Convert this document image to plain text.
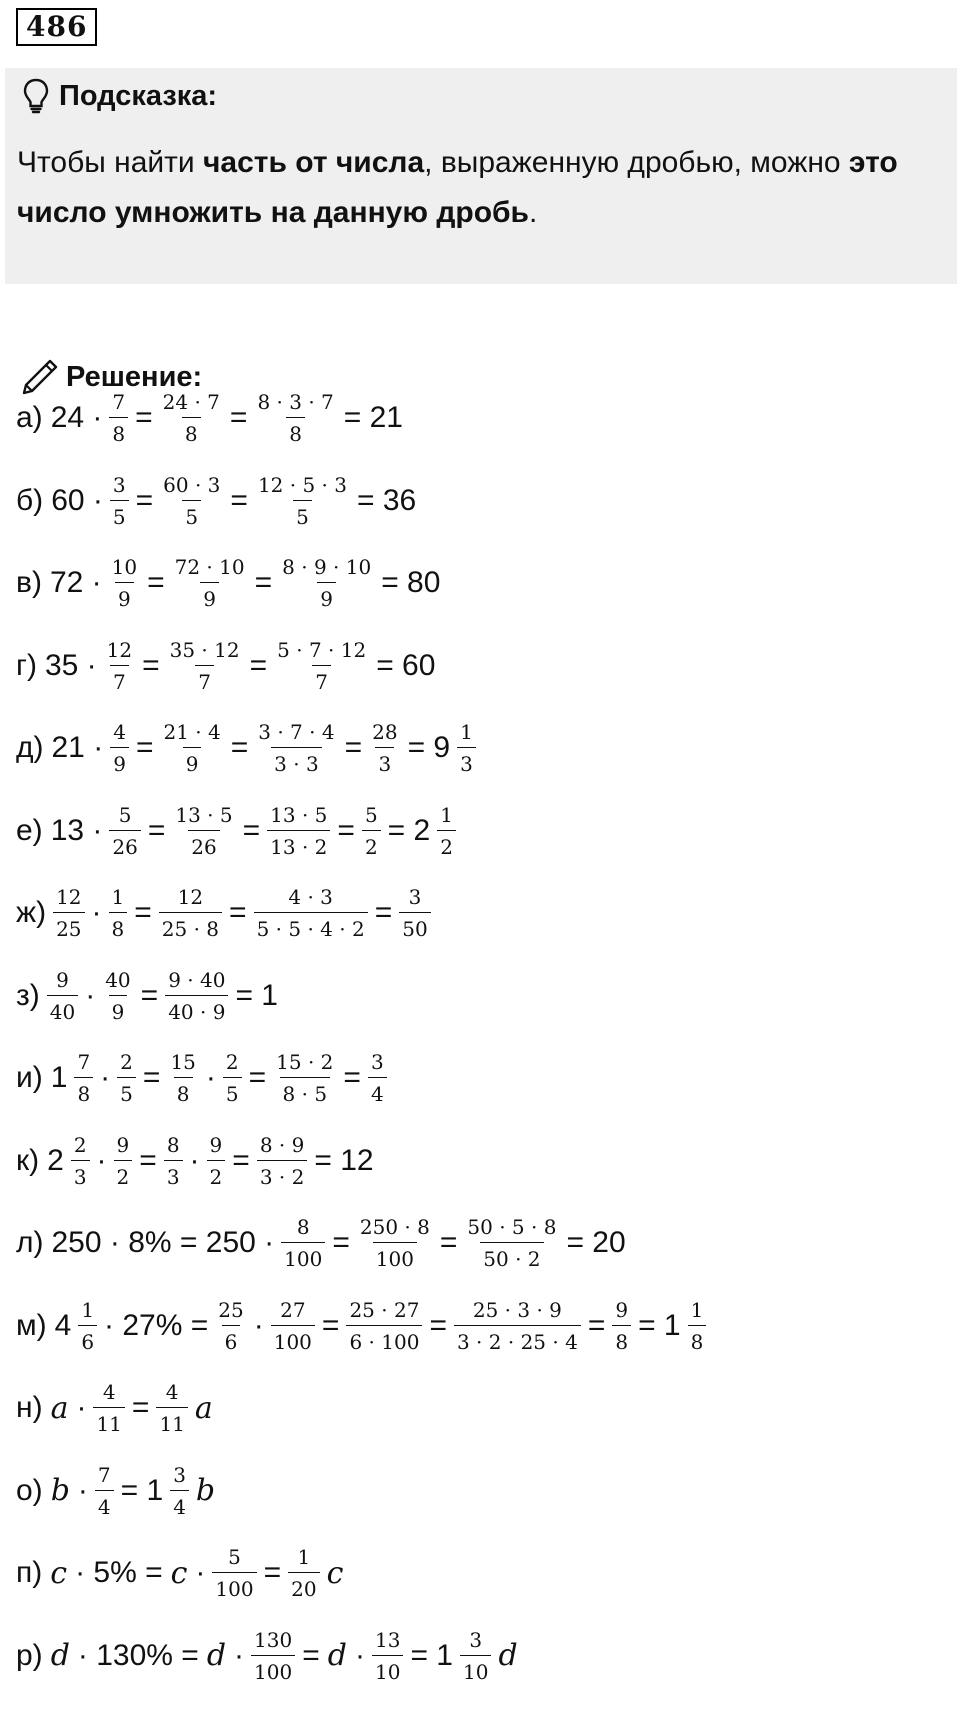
486
Подсказка:
Чтобы найти часть от числа, выраженную дробью, можно это число умножить на данную дробь.
Решение:
а) $24 \cdot \frac{7}{8} = \frac{24 \cdot 7}{8} = \frac{8 \cdot 3 \cdot 7}{8} = 21$
б) $60 \cdot \frac{3}{5} = \frac{60 \cdot 3}{5} = \frac{12 \cdot 5 \cdot 3}{5} = 36$
в) $72 \cdot \frac{10}{9} = \frac{72 \cdot 10}{9} = \frac{8 \cdot 9 \cdot 10}{9} = 80$
г) $35 \cdot \frac{12}{7} = \frac{35 \cdot 12}{7} = \frac{5 \cdot 7 \cdot 12}{7} = 60$
д) $21 \cdot \frac{4}{9} = \frac{21 \cdot 4}{9} = \frac{3 \cdot 7 \cdot 4}{3 \cdot 3} = \frac{28}{3} = 9 \frac{1}{3}$
е) $13 \cdot \frac{5}{26} = \frac{13 \cdot 5}{26} = \frac{13 \cdot 5}{13 \cdot 2} = \frac{5}{2} = 2 \frac{1}{2}$
$ж) \frac{12}{25} \cdot \frac{1}{8} = \frac{12}{25 \cdot 8} = \frac{4 \cdot 3}{5 \cdot 5 \cdot 4 \cdot 2} = \frac{3}{50}$
$з) \frac{9}{40} \cdot \frac{40}{9} = \frac{9 \cdot 40}{40 \cdot 9} = 1$
и) $1 \frac{7}{8} \cdot \frac{2}{5} = \frac{15}{8} \cdot \frac{2}{5} = \frac{15 \cdot 2}{8 \cdot 5} = \frac{3}{4}$
к) $2 \frac{2}{3} \cdot \frac{9}{2} = \frac{8}{3} \cdot \frac{9}{2} = \frac{8 \cdot 9}{3 \cdot 2} = 12$
л) $250 \cdot 8\% = 250 \cdot \frac{8}{100} = \frac{250 \cdot 8}{100} = \frac{50 \cdot 5 \cdot 8}{50 \cdot 2} = 20$
м) $4 \frac{1}{6} \cdot 27\% = \frac{25}{6} \cdot \frac{27}{100} = \frac{25 \cdot 27}{6 \cdot 100} = \frac{25 \cdot 3 \cdot 9}{3 \cdot 2 \cdot 25 \cdot 4} = \frac{9}{8} = 1 \frac{1}{8}$
н) $a \cdot \frac{4}{11} = \frac{4}{11}$ a
о) $b \cdot \frac{7}{4} = 1 \frac{3}{4}$ b
п) $c \cdot 5\% = c \cdot \frac{5}{100} = \frac{1}{20}$ c
р) $d \cdot 130\% = d \cdot \frac{130}{100} = d \cdot \frac{13}{10} = 1 \frac{3}{10}$ d
